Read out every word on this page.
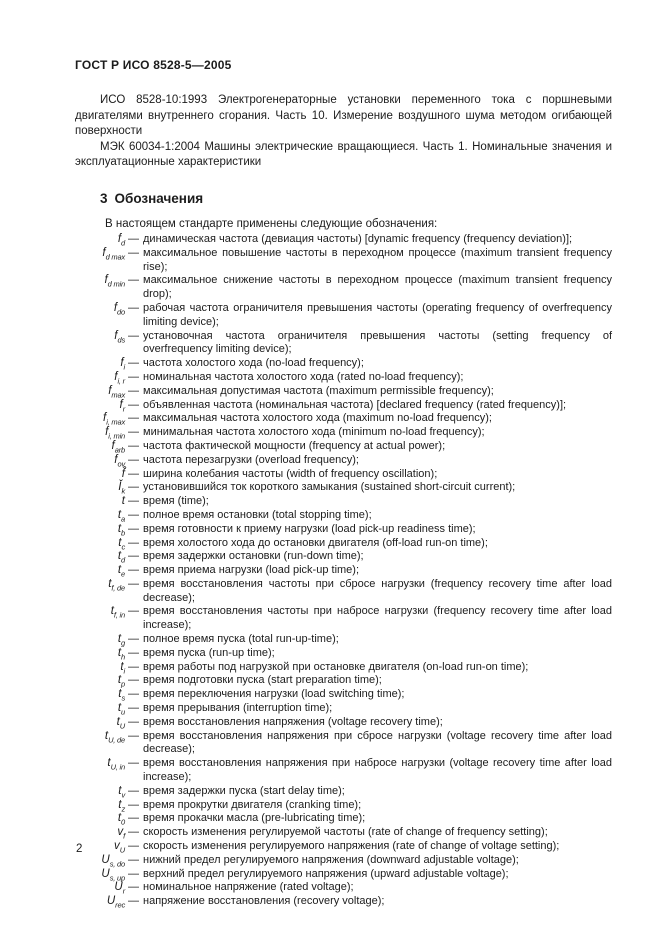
ГОСТ Р ИСО 8528-5—2005

ИСО 8528-10:1993 Электрогенераторные установки переменного тока с поршневыми двигателями внутреннего сгорания. Часть 10. Измерение воздушного шума методом огибающей поверхности

МЭК 60034-1:2004 Машины электрические вращающиеся. Часть 1. Номинальные значения и эксплуатационные характеристики

3 Обозначения
В настоящем стандарте применены следующие обозначения:
$f_d$ — динамическая частота (девиация частоты) [dynamic frequency (frequency deviation)];
$f_{d max}$ — максимальное повышение частоты в переходном процессе (maximum transient frequency rise);
$f_{d min}$ — максимальное снижение частоты в переходном процессе (maximum transient frequency drop);
$f_{do}$ — рабочая частота ограничителя превышения частоты (operating frequency of overfrequency limiting device);
$f_{ds}$ — установочная частота ограничителя превышения частоты (setting frequency of overfrequency limiting device);
$f_i$ — частота холостого хода (no-load frequency);
$f_{i, r}$ — номинальная частота холостого хода (rated no-load frequency);
$f_{max}$ — максимальная допустимая частота (maximum permissible frequency);
$f_r$ — объявленная частота (номинальная частота) [declared frequency (rated frequency)];
$f_{i, max}$ — максимальная частота холостого хода (maximum no-load frequency);
$f_{i, min}$ — минимальная частота холостого хода (minimum no-load frequency);
$f_{arb}$ — частота фактической мощности (frequency at actual power);
$f_{ov}$ — частота перезагрузки (overload frequency);
f̂ — ширина колебания частоты (width of frequency oscillation);
$Ǐ_k$ — установившийся ток короткого замыкания (sustained short-circuit current);
t — время (time);
$t_a$ — полное время остановки (total stopping time);
$t_b$ — время готовности к приему нагрузки (load pick-up readiness time);
$t_c$ — время холостого хода до остановки двигателя (off-load run-on time);
$t_d$ — время задержки остановки (run-down time);
$t_e$ — время приема нагрузки (load pick-up time);
$t_{f, de}$ — время восстановления частоты при сбросе нагрузки (frequency recovery time after load decrease);
$t_{f, in}$ — время восстановления частоты при набросе нагрузки (frequency recovery time after load increase);
$t_g$ — полное время пуска (total run-up-time);
$t_h$ — время пуска (run-up time);
$t_i$ — время работы под нагрузкой при остановке двигателя (on-load run-on time);
$t_p$ — время подготовки пуска (start preparation time);
$t_s$ — время переключения нагрузки (load switching time);
$t_u$ — время прерывания (interruption time);
$t_U$ — время восстановления напряжения (voltage recovery time);
$t_{U, de}$ — время восстановления напряжения при сбросе нагрузки (voltage recovery time after load decrease);
$t_{U, in}$ — время восстановления напряжения при набросе нагрузки (voltage recovery time after load increase);
$t_v$ — время задержки пуска (start delay time);
$t_z$ — время прокрутки двигателя (cranking time);
$t_0$ — время прокачки масла (pre-lubricating time);
$v_f$ — скорость изменения регулируемой частоты (rate of change of frequency setting);
$v_U$ — скорость изменения регулируемого напряжения (rate of change of voltage setting);
$U_{s, do}$ — нижний предел регулируемого напряжения (downward adjustable voltage);
$U_{s, up}$ — верхний предел регулируемого напряжения (upward adjustable voltage);
$U_r$ — номинальное напряжение (rated voltage);
$U_{rec}$ — напряжение восстановления (recovery voltage);
2
